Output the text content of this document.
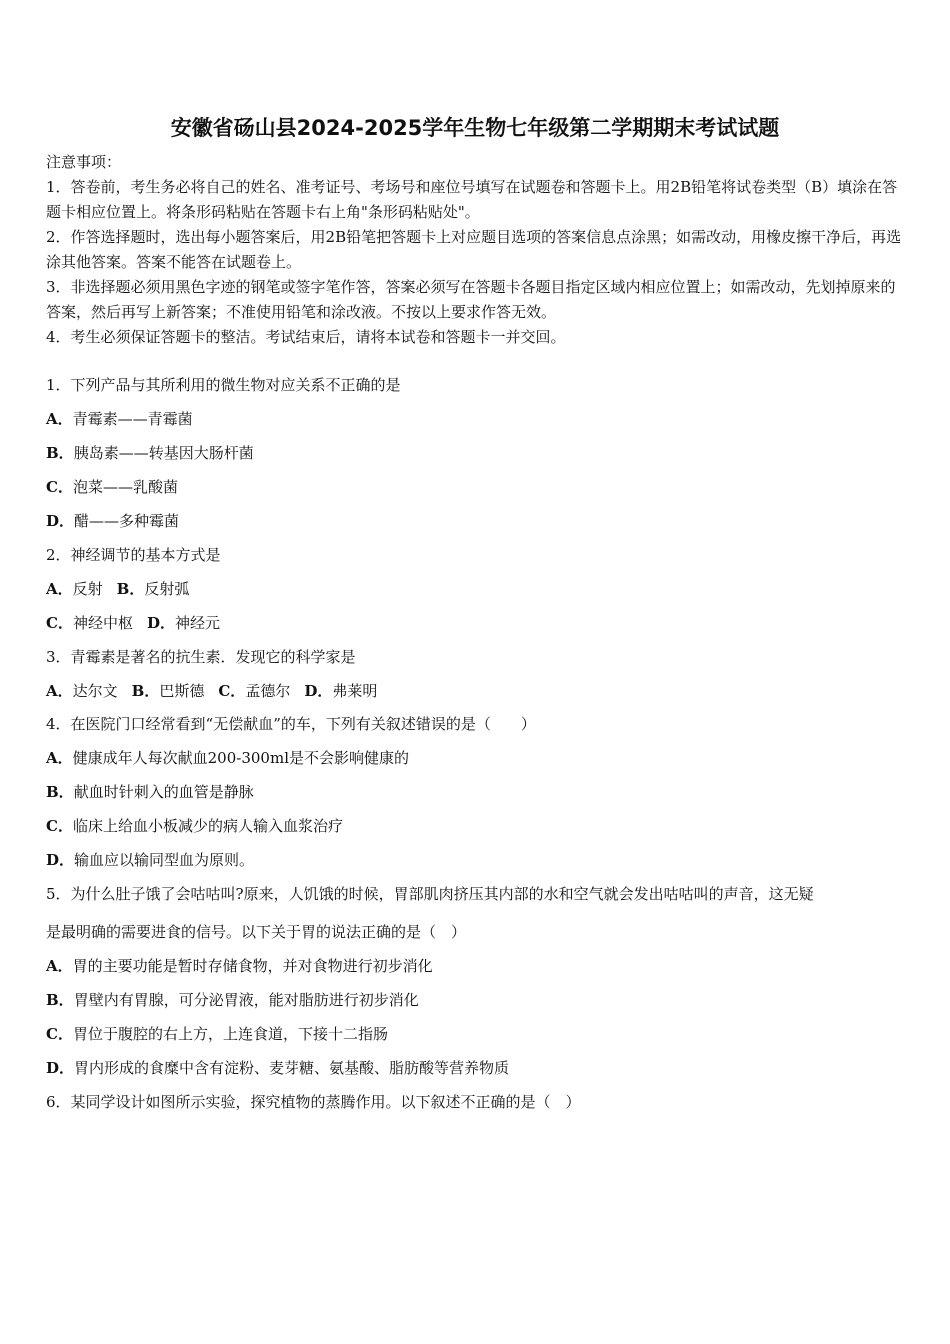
安徽省砀山县2024-2025学年生物七年级第二学期期末考试试题

注意事项：

1．答卷前，考生务必将自己的姓名、准考证号、考场号和座位号填写在试题卷和答题卡上。用2B铅笔将试卷类型（B）填涂在答题卡相应位置上。将条形码粘贴在答题卡右上角"条形码粘贴处"。

2．作答选择题时，选出每小题答案后，用2B铅笔把答题卡上对应题目选项的答案信息点涂黑；如需改动，用橡皮擦干净后，再选涂其他答案。答案不能答在试题卷上。

3．非选择题必须用黑色字迹的钢笔或签字笔作答，答案必须写在答题卡各题目指定区域内相应位置上；如需改动，先划掉原来的答案，然后再写上新答案；不准使用铅笔和涂改液。不按以上要求作答无效。

4．考生必须保证答题卡的整洁。考试结束后，请将本试卷和答题卡一并交回。

1．下列产品与其所利用的微生物对应关系不正确的是
A．青霉素——青霉菌
B．胰岛素——转基因大肠杆菌
C．泡菜——乳酸菌
D．醋——多种霉菌
2．神经调节的基本方式是
A．反射 B．反射弧
C．神经中枢 D．神经元
3．青霉素是著名的抗生素．发现它的科学家是
A．达尔文 B．巴斯德 C．孟德尔 D．弗莱明
4．在医院门口经常看到“无偿献血”的车，下列有关叙述错误的是（　　）
A．健康成年人每次献血200-300ml是不会影响健康的
B．献血时针刺入的血管是静脉
C．临床上给血小板减少的病人输入血浆治疗
D．输血应以输同型血为原则。
5．为什么肚子饿了会咕咕叫?原来，人饥饿的时候，胃部肌肉挤压其内部的水和空气就会发出咕咕叫的声音，这无疑
是最明确的需要进食的信号。以下关于胃的说法正确的是（　）
A．胃的主要功能是暂时存储食物，并对食物进行初步消化
B．胃壁内有胃腺，可分泌胃液，能对脂肪进行初步消化
C．胃位于腹腔的右上方，上连食道，下接十二指肠
D．胃内形成的食糜中含有淀粉、麦芽糖、氨基酸、脂肪酸等营养物质
6．某同学设计如图所示实验，探究植物的蒸腾作用。以下叙述不正确的是（　）
